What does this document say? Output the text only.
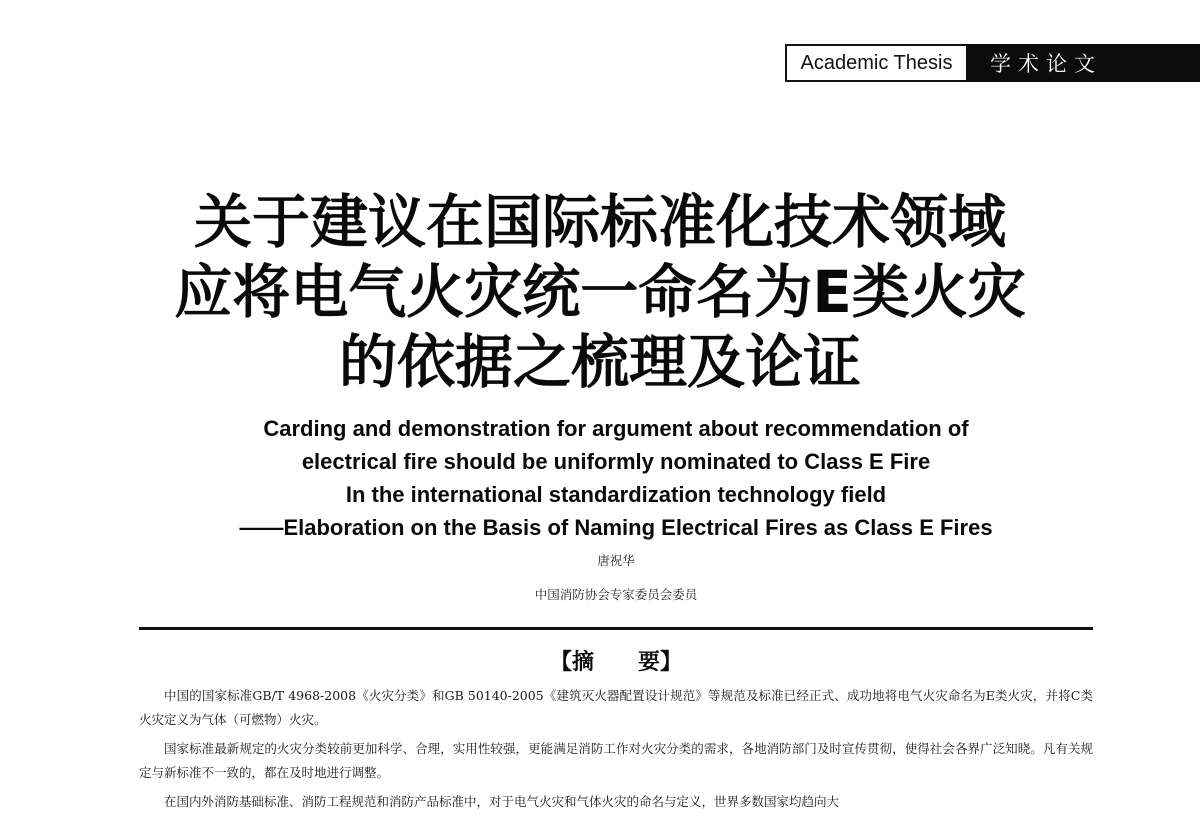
Academic Thesis	学术论文
关于建议在国际标准化技术领域
应将电气火灾统一命名为E类火灾
的依据之梳理及论证
Carding and demonstration for argument about recommendation of
electrical fire should be uniformly nominated to Class E Fire
In the international standardization technology field
——Elaboration on the Basis of Naming Electrical Fires as Class E Fires
唐祝华
中国消防协会专家委员会委员
【摘　　要】

中国的国家标准GB/T 4968-2008《火灾分类》和GB 50140-2005《建筑灭火器配置设计规范》等规范及标准已经正式、成功地将电气火灾命名为E类火灾，并将C类火灾定义为气体（可燃物）火灾。

国家标准最新规定的火灾分类较前更加科学、合理，实用性较强，更能满足消防工作对火灾分类的需求，各地消防部门及时宣传贯彻，使得社会各界广泛知晓。凡有关规定与新标准不一致的，都在及时地进行调整。

在国内外消防基础标准、消防工程规范和消防产品标准中，对于电气火灾和气体火灾的命名与定义，世界多数国家均趋向大
